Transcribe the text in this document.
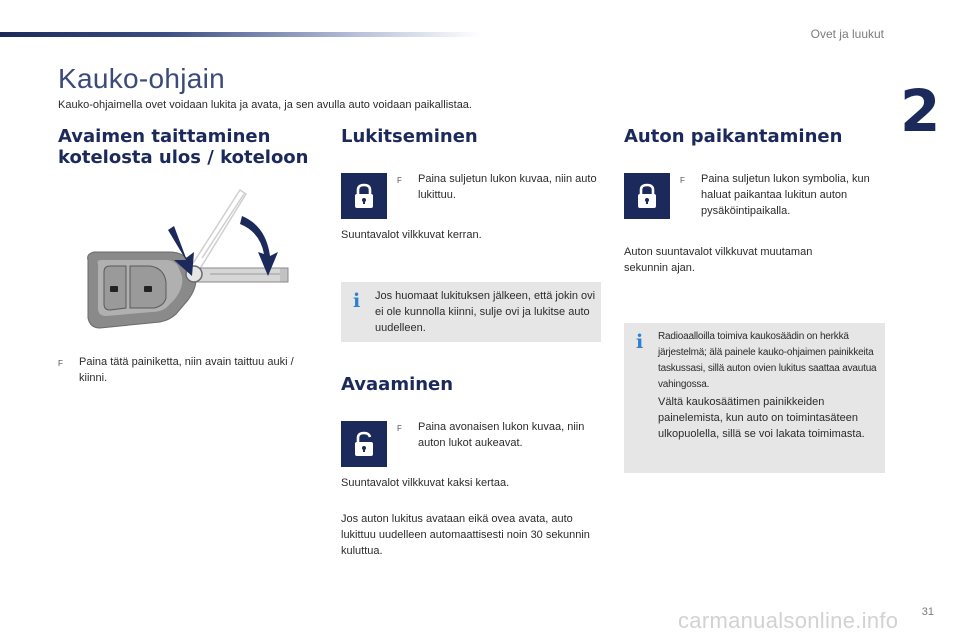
Ovet ja luukut
2
Kauko-ohjain
Kauko-ohjaimella ovet voidaan lukita ja avata, ja sen avulla auto voidaan paikallistaa.
Avaimen taittaminen
kotelosta ulos / koteloon
F	Paina tätä painiketta, niin avain taittuu auki / kiinni.
Lukitseminen
F	Paina suljetun lukon kuvaa, niin auto lukittuu.
Suuntavalot vilkkuvat kerran.
i Jos huomaat lukituksen jälkeen, että jokin ovi ei ole kunnolla kiinni, sulje ovi ja lukitse auto uudelleen.
Avaaminen
F	Paina avonaisen lukon kuvaa, niin auton lukot aukeavat.
Suuntavalot vilkkuvat kaksi kertaa.
Jos auton lukitus avataan eikä ovea avata, auto lukittuu uudelleen automaattisesti noin 30 sekunnin kuluttua.
Auton paikantaminen
F	Paina suljetun lukon symbolia, kun haluat paikantaa lukitun auton pysäköintipaikalla.
Auton suuntavalot vilkkuvat muutaman sekunnin ajan.
i Radioaalloilla toimiva kaukosäädin on herkkä järjestelmä; älä painele kauko-ohjaimen painikkeita taskussasi, sillä auton ovien lukitus saattaa avautua vahingossa.
Vältä kaukosäätimen painikkeiden painelemista, kun auto on toimintasäteen ulkopuolella, sillä se voi lakata toimimasta.
31
carmanualsonline.info
